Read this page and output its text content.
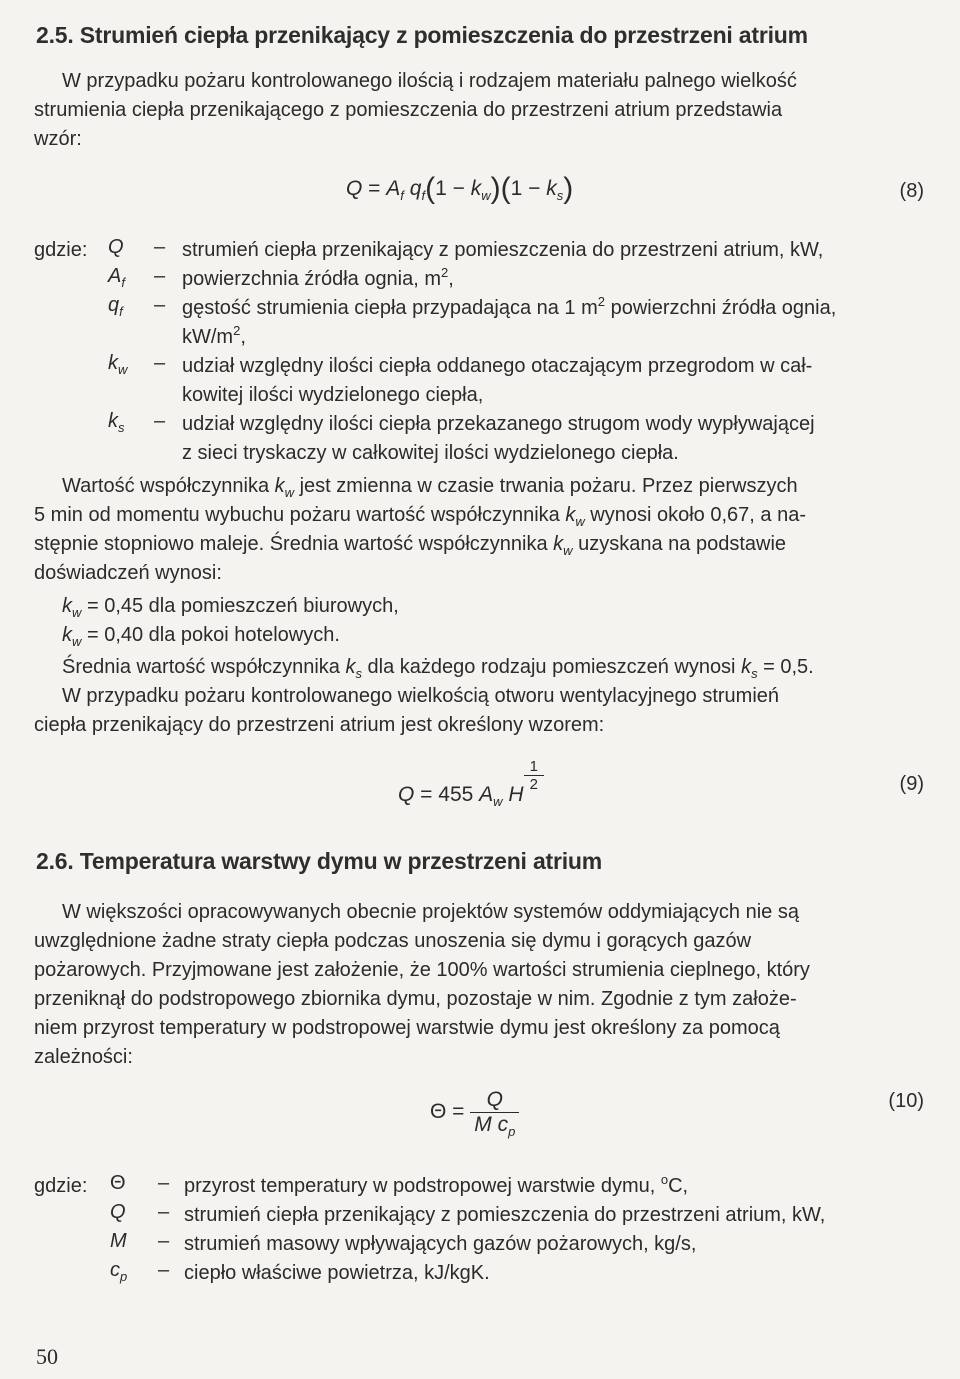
2.5. Strumień ciepła przenikający z pomieszczenia do przestrzeni atrium
W przypadku pożaru kontrolowanego ilością i rodzajem materiału palnego wielkość
strumienia ciepła przenikającego z pomieszczenia do przestrzeni atrium przedstawia
wzór:
$Q = A_f$ $q_f(1 - k_w)(1 - k_s)$	(8)
gdzie: Q	– strumień ciepła przenikający z pomieszczenia do przestrzeni atrium, kW,
$A_f$	– powierzchnia źródła ognia, $m^2$,
$q_f$	– gęstość strumienia ciepła przypadająca na 1 $m^2$ powierzchni źródła ognia,
$kW/m^2$,
$k_w$	– udział względny ilości ciepła oddanego otaczającym przegrodom w cał-
kowitej ilości wydzielonego ciepła,
$k_s$	– udział względny ilości ciepła przekazanego strugom wody wypływającej
z sieci tryskaczy w całkowitej ilości wydzielonego ciepła.
Wartość współczynnika $k_w$ jest zmienna w czasie trwania pożaru. Przez pierwszych
5 min od momentu wybuchu pożaru wartość współczynnika $k_w$ wynosi około 0,67, a na-
stępnie stopniowo maleje. Średnia wartość współczynnika $k_w$ uzyskana na podstawie
doświadczeń wynosi:
$k_w = 0,45$ dla pomieszczeń biurowych,
$k_w = 0,40$ dla pokoi hotelowych.
Średnia wartość współczynnika $k_s$ dla każdego rodzaju pomieszczeń wynosi $k_s = 0,5$.
W przypadku pożaru kontrolowanego wielkością otworu wentylacyjnego strumień
ciepła przenikający do przestrzeni atrium jest określony wzorem:
Q = 455 $A_w$ H
$\frac{1}{2}$	(9)
2.6. Temperatura warstwy dymu w przestrzeni atrium
W większości opracowywanych obecnie projektów systemów oddymiających nie są
uwzględnione żadne straty ciepła podczas unoszenia się dymu i gorących gazów
pożarowych. Przyjmowane jest założenie, że 100% wartości strumienia cieplnego, który
przeniknął do podstropowego zbiornika dymu, pozostaje w nim. Zgodnie z tym założe-
niem przyrost temperatury w podstropowej warstwie dymu jest określony za pomocą
zależności:
$\Theta = \frac{Q}{M c_p}$	(10)
gdzie: Θ	– przyrost temperatury w podstropowej warstwie dymu, $^o$C,
Q	– strumień ciepła przenikający z pomieszczenia do przestrzeni atrium, kW,
M	– strumień masowy wpływających gazów pożarowych, kg/s,
$c_p$	– ciepło właściwe powietrza, kJ/kgK.
50
